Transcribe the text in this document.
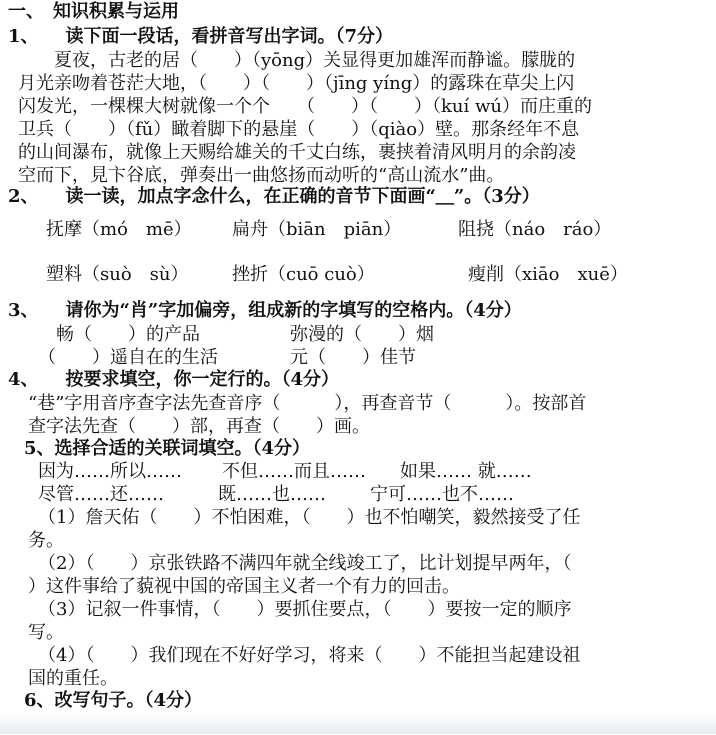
一、　知识积累与运用
1、　　读下面一段话，看拼音写出字词。（7分）
　　夏夜，古老的居（　　）（yōng）关显得更加雄浑而静谧。朦胧的
月光亲吻着苍茫大地，（　　）（　　）（jīng yíng）的露珠在草尖上闪
闪发光，一棵棵大树就像一个个　　（　　）（　　）（kuí wú）而庄重的
卫兵（　　）（fǔ）瞰着脚下的悬崖（　　）（qiào）壁。那条经年不息
的山间瀑布，就像上天赐给雄关的千丈白练，裹挟着清风明月的余韵凌
空而下，見卞谷底，弹奏出一曲悠扬而动听的“高山流水”曲。
2、　　读一读，加点字念什么，在正确的音节下面画“＿”。（3分）
抚摩（mó　mē） 扁舟（biān　piān）	阻挠（náo　ráo）
塑料（suò　sù） 挫折（cuō cuò）	瘦削（xiāo　xuē）
3、　　请你为“肖”字加偏旁，组成新的字填写的空格内。（4分）
　畅（　　）的产品　　　　　弥漫的（　　）烟
（　　）遥自在的生活　　　　元（　　）佳节
4、　　按要求填空，你一定行的。（4分）
“巷”字用音序查字法先查音序（　　　），再查音节（　　　）。按部首
查字法先查（　　）部，再查（　　）画。
5、选择合适的关联词填空。（4分）
因为……所以…… 不但……而且…… 如果…… 就……
尽管……还……	既……也…… 宁可……也不……
（1）詹天佑（　　）不怕困难，（　　）也不怕嘲笑，毅然接受了任
务。
（2）（　　）京张铁路不满四年就全线竣工了，比计划提早两年，（
）这件事给了藐视中国的帝国主义者一个有力的回击。
（3）记叙一件事情，（　　）要抓住要点，（　　）要按一定的顺序
写。
（4）（　　）我们现在不好好学习，将来（　　）不能担当起建设祖
国的重任。
6、改写句子。（4分）
